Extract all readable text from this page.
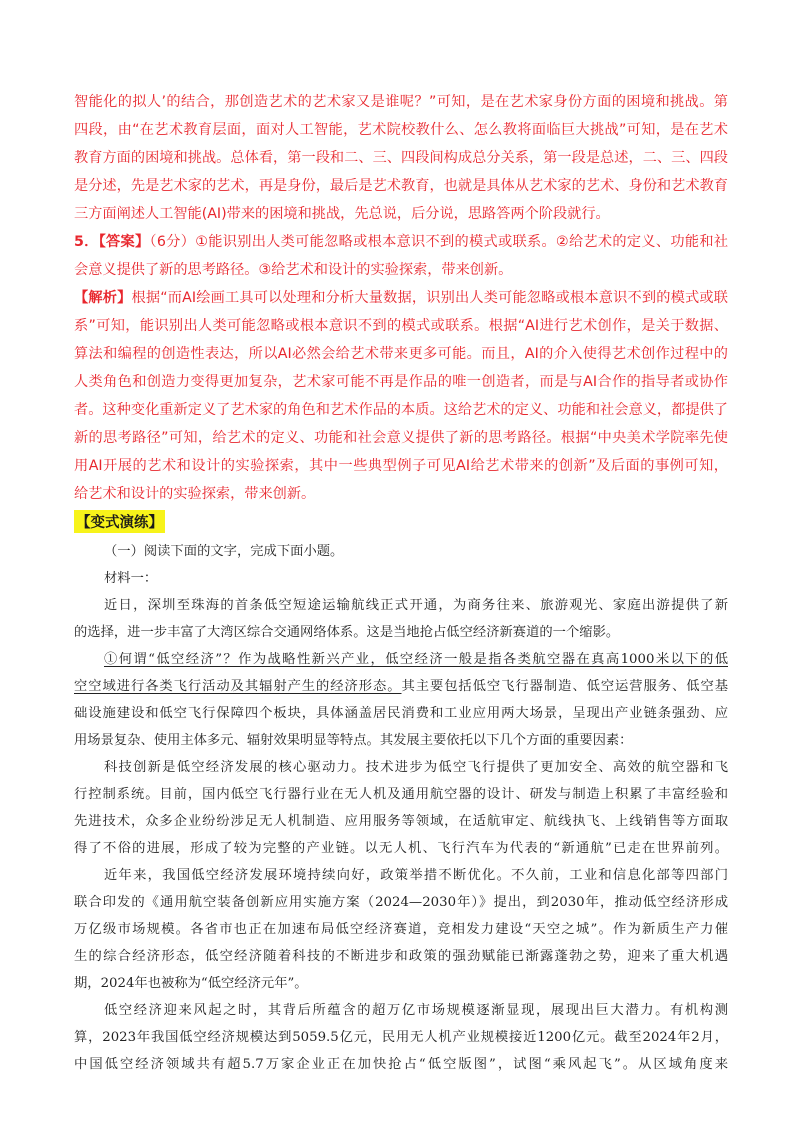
智能化的拟人’的结合，那创造艺术的艺术家又是谁呢？”可知，是在艺术家身份方面的困境和挑战。第
四段，由“在艺术教育层面，面对人工智能，艺术院校教什么、怎么教将面临巨大挑战”可知，是在艺术
教育方面的困境和挑战。总体看，第一段和二、三、四段间构成总分关系，第一段是总述，二、三、四段
是分述，先是艺术家的艺术，再是身份，最后是艺术教育，也就是具体从艺术家的艺术、身份和艺术教育
三方面阐述人工智能(AI)带来的困境和挑战，先总说，后分说，思路答两个阶段就行。
5．【答案】（6分）①能识别出人类可能忽略或根本意识不到的模式或联系。②给艺术的定义、功能和社
会意义提供了新的思考路径。③给艺术和设计的实验探索，带来创新。
【解析】根据“而AI绘画工具可以处理和分析大量数据，识别出人类可能忽略或根本意识不到的模式或联
系”可知，能识别出人类可能忽略或根本意识不到的模式或联系。根据“AI进行艺术创作，是关于数据、
算法和编程的创造性表达，所以AI必然会给艺术带来更多可能。而且，AI的介入使得艺术创作过程中的
人类角色和创造力变得更加复杂，艺术家可能不再是作品的唯一创造者，而是与AI合作的指导者或协作
者。这种变化重新定义了艺术家的角色和艺术作品的本质。这给艺术的定义、功能和社会意义，都提供了
新的思考路径”可知，给艺术的定义、功能和社会意义提供了新的思考路径。根据“中央美术学院率先使
用AI开展的艺术和设计的实验探索，其中一些典型例子可见AI给艺术带来的创新”及后面的事例可知，
给艺术和设计的实验探索，带来创新。
【变式演练】
（一）阅读下面的文字，完成下面小题。
材料一：
近日，深圳至珠海的首条低空短途运输航线正式开通，为商务往来、旅游观光、家庭出游提供了新
的选择，进一步丰富了大湾区综合交通网络体系。这是当地抢占低空经济新赛道的一个缩影。
①何谓“低空经济”？作为战略性新兴产业，低空经济一般是指各类航空器在真高1000米以下的低
空空域进行各类飞行活动及其辐射产生的经济形态。其主要包括低空飞行器制造、低空运营服务、低空基
础设施建设和低空飞行保障四个板块，具体涵盖居民消费和工业应用两大场景，呈现出产业链条强劲、应
用场景复杂、使用主体多元、辐射效果明显等特点。其发展主要依托以下几个方面的重要因素：
科技创新是低空经济发展的核心驱动力。技术进步为低空飞行提供了更加安全、高效的航空器和飞
行控制系统。目前，国内低空飞行器行业在无人机及通用航空器的设计、研发与制造上积累了丰富经验和
先进技术，众多企业纷纷涉足无人机制造、应用服务等领域，在适航审定、航线执飞、上线销售等方面取
得了不俗的进展，形成了较为完整的产业链。以无人机、飞行汽车为代表的“新通航”已走在世界前列。
近年来，我国低空经济发展环境持续向好，政策举措不断优化。不久前，工业和信息化部等四部门
联合印发的《通用航空装备创新应用实施方案（2024—2030年）》提出，到2030年，推动低空经济形成
万亿级市场规模。各省市也正在加速布局低空经济赛道，竞相发力建设“天空之城”。作为新质生产力催
生的综合经济形态，低空经济随着科技的不断进步和政策的强劲赋能已渐露蓬勃之势，迎来了重大机遇
期，2024年也被称为“低空经济元年”。
低空经济迎来风起之时，其背后所蕴含的超万亿市场规模逐渐显现，展现出巨大潜力。有机构测
算，2023年我国低空经济规模达到5059.5亿元，民用无人机产业规模接近1200亿元。截至2024年2月，
中国低空经济领域共有超5.7万家企业正在加快抢占“低空版图”，试图“乘风起飞”。从区域角度来
